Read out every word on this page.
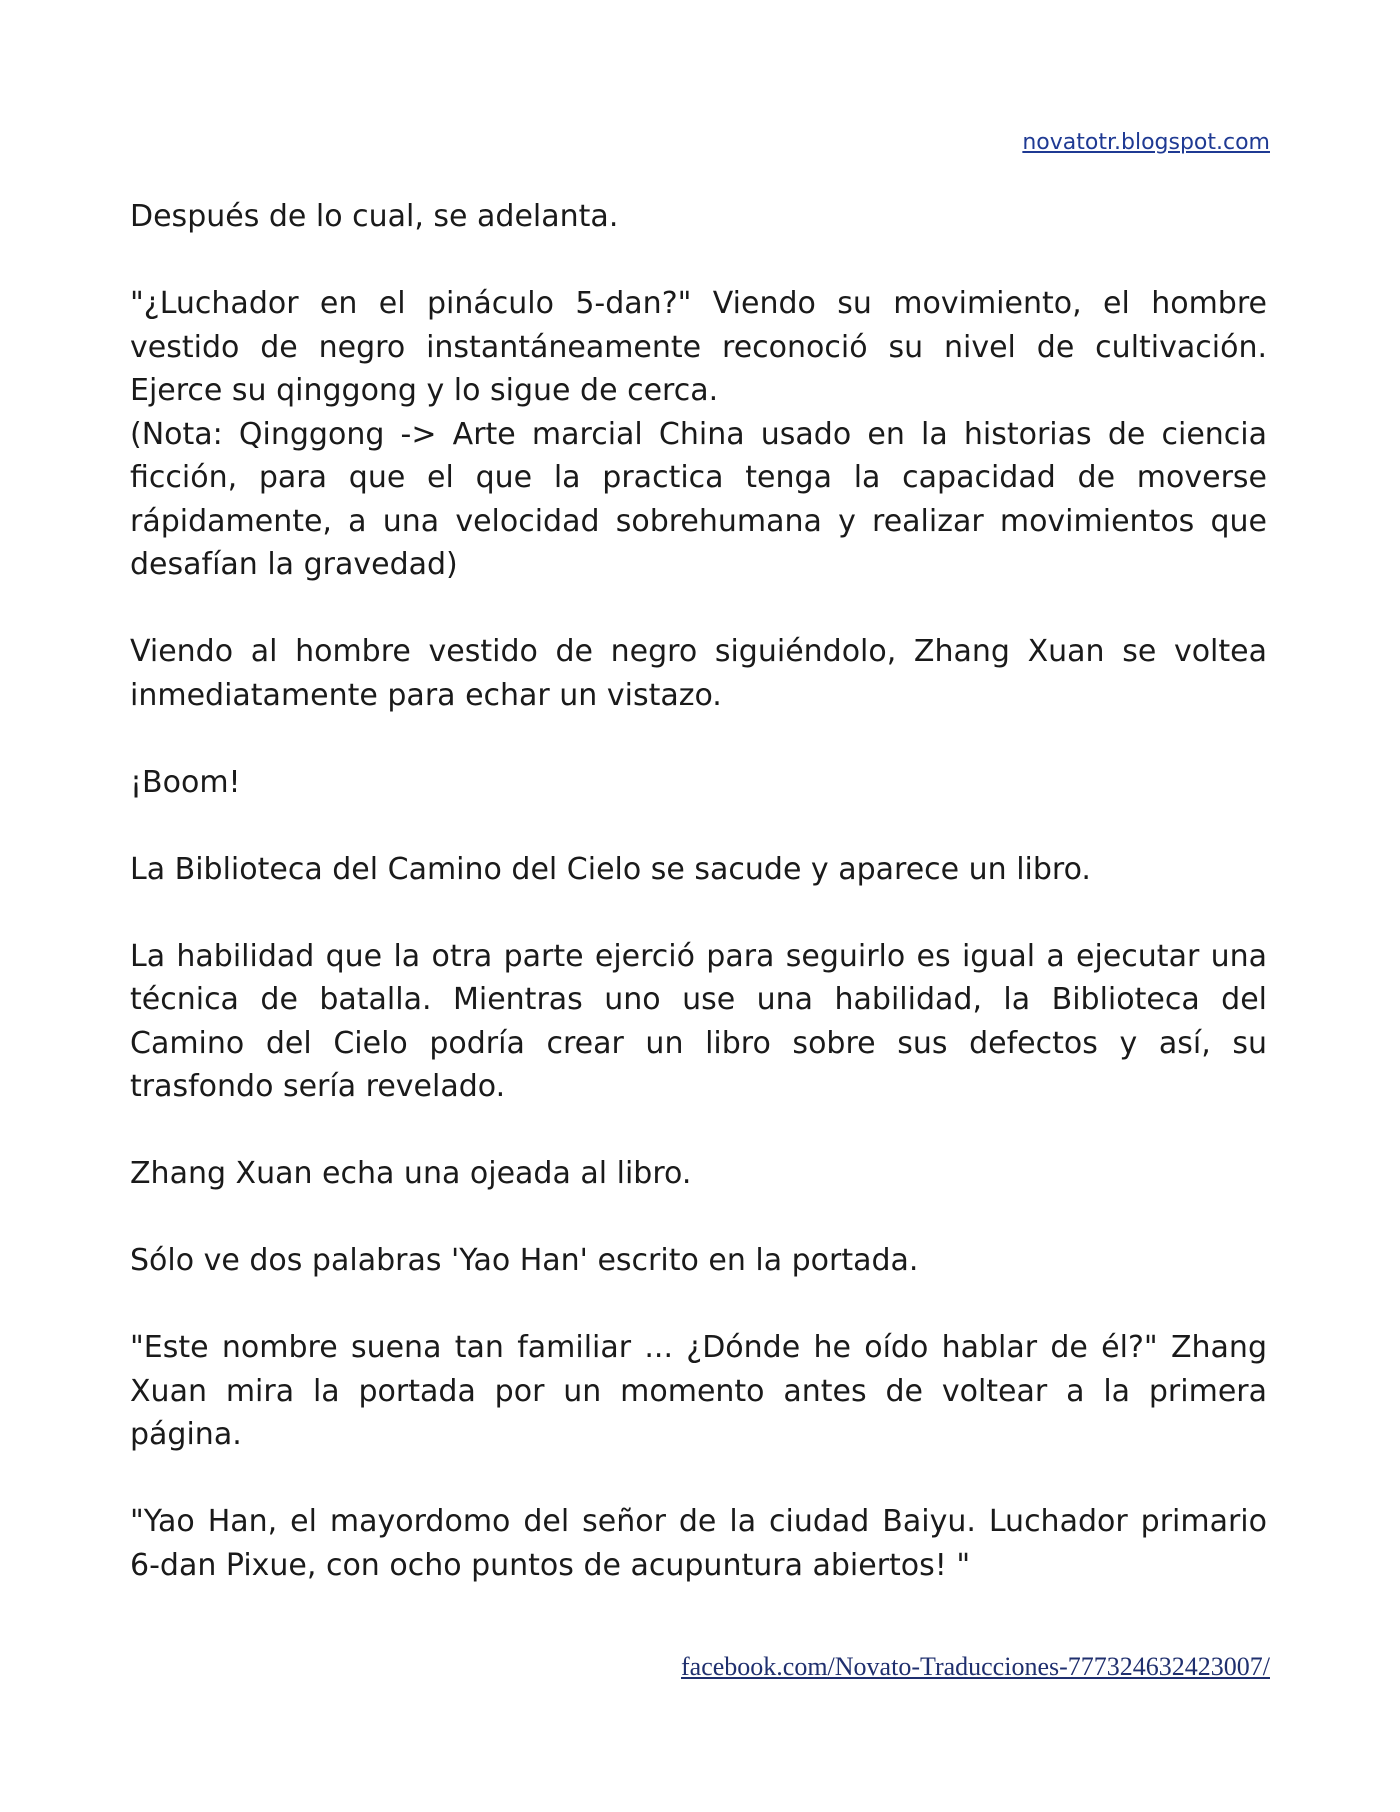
novatotr.blogspot.com

Después de lo cual, se adelanta.

"¿Luchador en el pináculo 5-dan?" Viendo su movimiento, el hombre vestido de negro instantáneamente reconoció su nivel de cultivación. Ejerce su qinggong y lo sigue de cerca.

(Nota: Qinggong -> Arte marcial China usado en la historias de ciencia ficción, para que el que la practica tenga la capacidad de moverse rápidamente, a una velocidad sobrehumana y realizar movimientos que desafían la gravedad)

Viendo al hombre vestido de negro siguiéndolo, Zhang Xuan se voltea inmediatamente para echar un vistazo.

¡Boom!

La Biblioteca del Camino del Cielo se sacude y aparece un libro.

La habilidad que la otra parte ejerció para seguirlo es igual a ejecutar una técnica de batalla. Mientras uno use una habilidad, la Biblioteca del Camino del Cielo podría crear un libro sobre sus defectos y así, su trasfondo sería revelado.

Zhang Xuan echa una ojeada al libro.

Sólo ve dos palabras 'Yao Han' escrito en la portada.

"Este nombre suena tan familiar ... ¿Dónde he oído hablar de él?" Zhang Xuan mira la portada por un momento antes de voltear a la primera página.

"Yao Han, el mayordomo del señor de la ciudad Baiyu. Luchador primario 6-dan Pixue, con ocho puntos de acupuntura abiertos! "

facebook.com/Novato-Traducciones-777324632423007/
